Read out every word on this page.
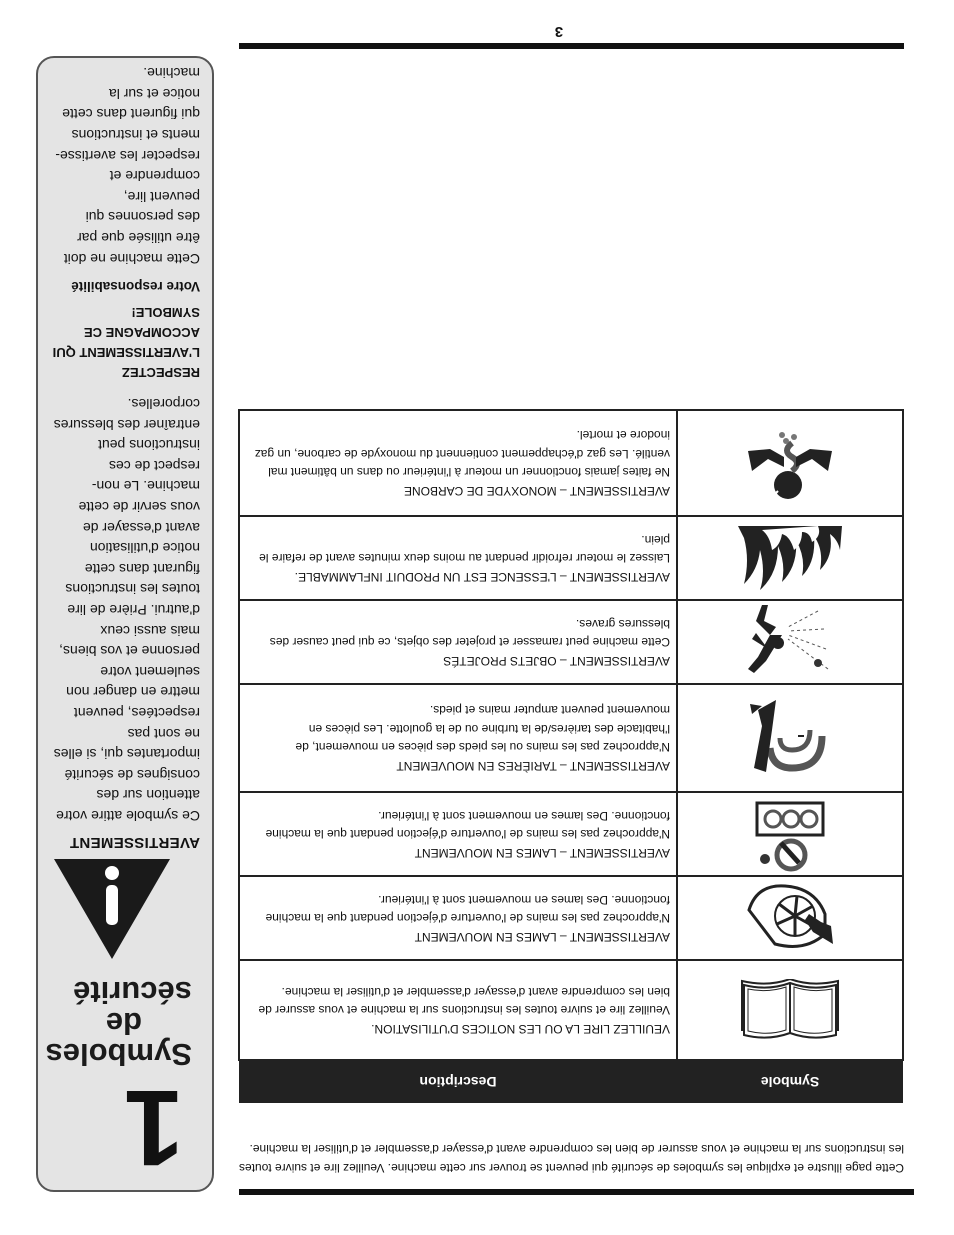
Cette page illustre et explique les symboles de sécurité qui peuvent se trouver sur cette machine. Veuillez lire et suivre toutes les instructions sur la machine et vous assurer de bien les comprendre avant d'essayer d'assembler et d'utiliser la machine.

Symbole	Description

VEUILLEZ LIRE LA OU LES NOTICES D'UTILISATION.
Veuillez lire et suivre toutes les instructions sur la machine et vous assurer de bien les comprendre avant d'essayer d'assembler et d'utiliser la machine.

AVERTISSEMENT – LAMES EN MOUVEMENT
N'approchez pas les mains de l'ouverture d'éjection pendant que la machine fonctionne. Des lames en mouvement sont à l'intérieur.

AVERTISSEMENT – LAMES EN MOUVEMENT
N'approchez pas les mains de l'ouverture d'éjection pendant que la machine fonctionne. Des lames en mouvement sont à l'intérieur.

AVERTISSEMENT – TARIÈRES EN MOUVEMENT
N'approchez pas les mains ou les pieds des pièces en mouvement, de l'habitacle des tarières/de la turbine ou de la goulotte. Les pièces en mouvement peuvent amputer mains et pieds.

AVERTISSEMENT – OBJETS PROJETÉS
Cette machine peut ramasser et projeter des objets, ce qui peut causer des blessures graves.

AVERTISSEMENT – L'ESSENCE EST UN PRODUIT INFLAMMABLE.
Laissez le moteur refroidir pendant au moins deux minutes avant de refaire le plein.

AVERTISSEMENT – MONOXYDE DE CARBONE
Ne faites jamais fonctionner un moteur à l'intérieur ou dans un bâtiment mal ventilé. Les gaz d'échappement contiennent du monoxyde de carbone, un gaz inodore et mortel.
3
1
Symboles
de
sécurité
AVERTISSEMENT

Ce symbole attire votre attention sur des consignes de sécurité importantes qui, si elles ne sont pas respectées, peuvent mettre en danger non seulement votre personne et vos biens, mais aussi ceux d'autrui. Prière de lire toutes les instructions figurant dans cette notice d'utilisation avant d'essayer de vous servir de cette machine. Le non-respect de ces instructions peut entraîner des blessures corporelles.

RESPECTEZ L'AVERTISSEMENT QUI ACCOMPAGNE CE SYMBOLE!
Votre responsabilité

Cette machine ne doit être utilisée que par des personnes qui peuvent lire, comprendre et respecter les avertisse-ments et instructions qui figurent dans cette notice et sur la machine.
